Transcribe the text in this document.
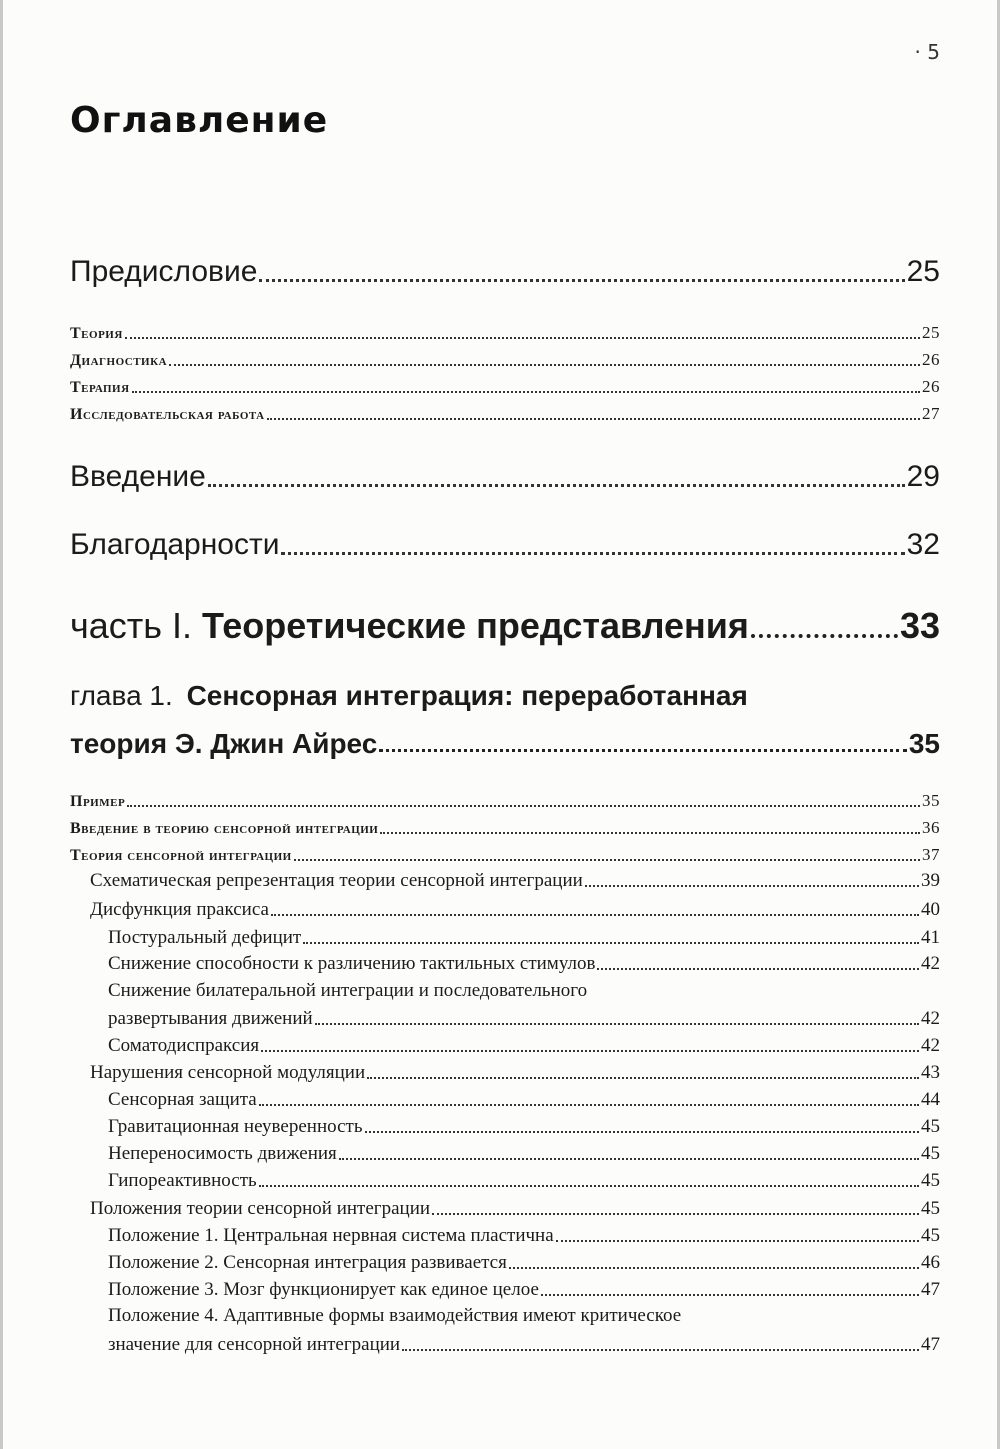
· 5
Оглавление
Предисловие	25
Теория	25
Диагностика	26
Терапия	26
Исследовательская работа	27
Введение	29
Благодарности	32
часть I. Теоретические представления	33
глава 1. Сенсорная интеграция: переработанная
теория Э. Джин Айрес	35
Пример	35
Введение в теорию сенсорной интеграции	36
Теория сенсорной интеграции	37
Схематическая репрезентация теории сенсорной интеграции	39
Дисфункция праксиса	40
Постуральный дефицит	41
Снижение способности к различению тактильных стимулов	42
Снижение билатеральной интеграции и последовательного
развертывания движений	42
Соматодиспраксия	42
Нарушения сенсорной модуляции	43
Сенсорная защита	44
Гравитационная неуверенность	45
Непереносимость движения	45
Гипореактивность	45
Положения теории сенсорной интеграции	45
Положение 1. Центральная нервная система пластична	45
Положение 2. Сенсорная интеграция развивается	46
Положение 3. Мозг функционирует как единое целое	47
Положение 4. Адаптивные формы взаимодействия имеют критическое
значение для сенсорной интеграции	47
